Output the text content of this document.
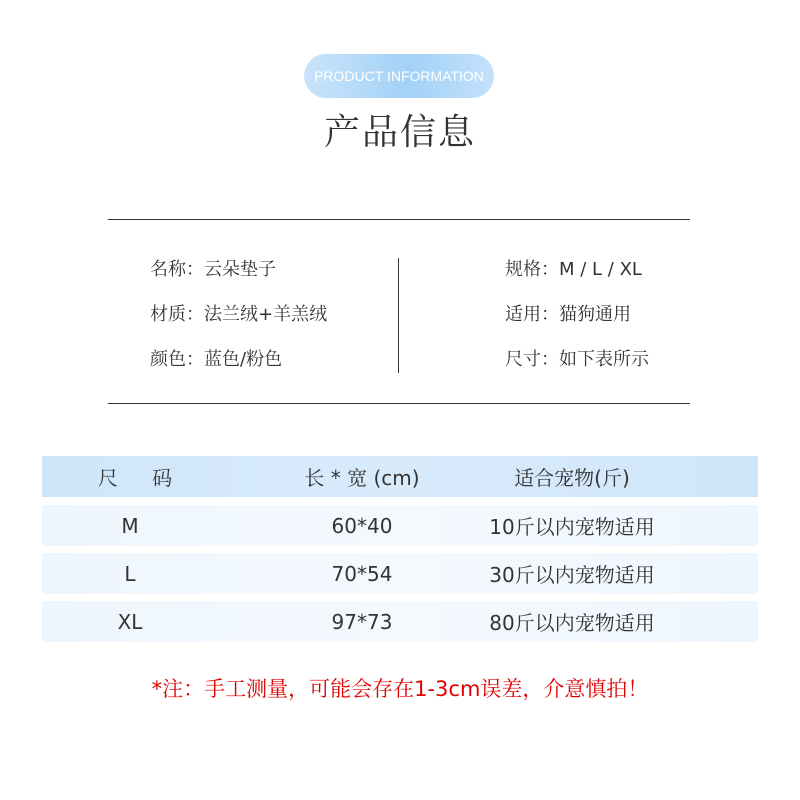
PRODUCT INFORMATION
产品信息
名称：云朵垫子
材质：法兰绒+羊羔绒
颜色：蓝色/粉色
规格：M / L / XL
适用：猫狗通用
尺寸：如下表所示
尺 码	长 * 宽 (cm)	适合宠物(斤)
M	60*40	10斤以内宠物适用
L	70*54	30斤以内宠物适用
XL	97*73	80斤以内宠物适用
*注：手工测量，可能会存在1-3cm误差，介意慎拍！
